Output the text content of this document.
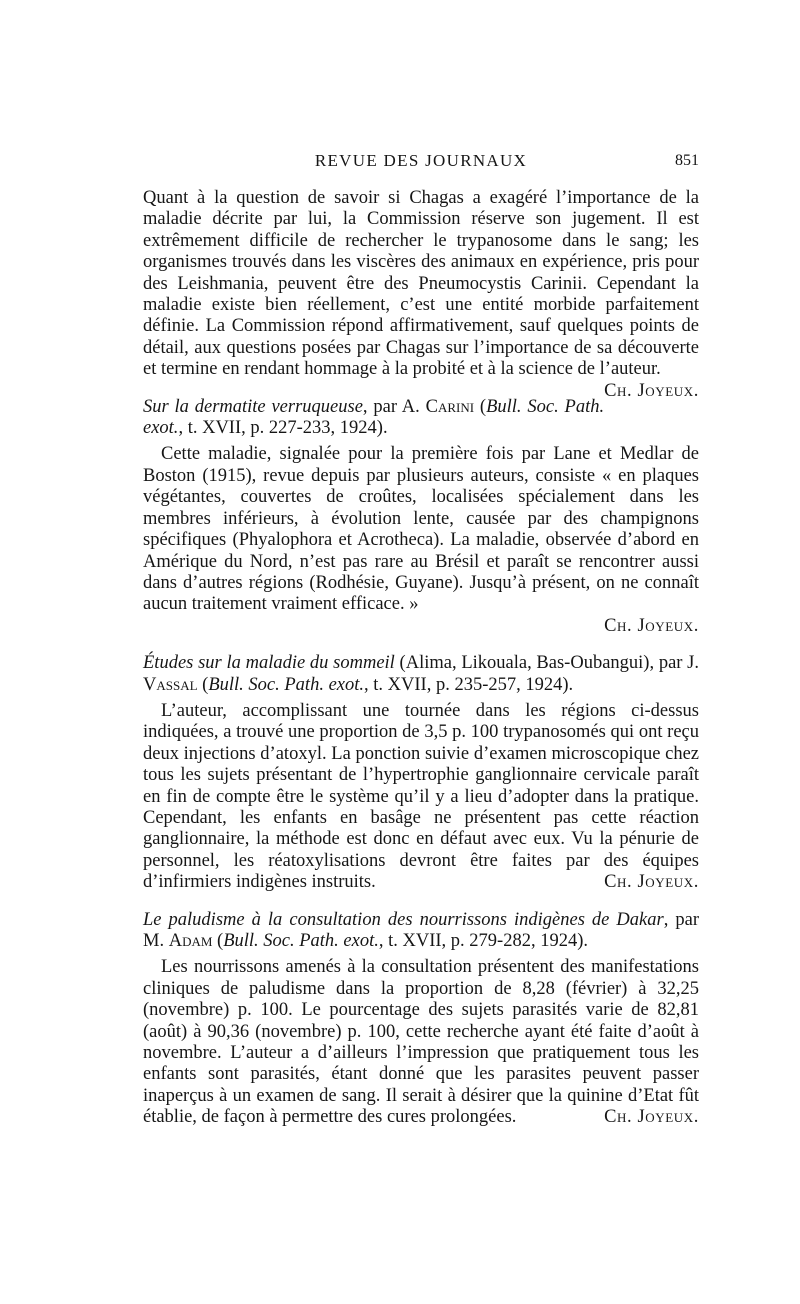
REVUE DES JOURNAUX	851

Quant à la question de savoir si Chagas a exagéré l’importance de la maladie décrite par lui, la Commission réserve son jugement. Il est extrêmement difficile de rechercher le trypanosome dans le sang; les organismes trouvés dans les viscères des animaux en expérience, pris pour des Leishmania, peuvent être des Pneumocystis Carinii. Cependant la maladie existe bien réellement, c’est une entité morbide parfaitement définie. La Commission répond affirmativement, sauf quelques points de détail, aux questions posées par Chagas sur l’importance de sa découverte et termine en rendant hommage à la probité et à la science de l’auteur.
Ch. Joyeux.

Sur la dermatite verruqueuse, par A. Carini (Bull. Soc. Path. exot., t. XVII, p. 227-233, 1924).

Cette maladie, signalée pour la première fois par Lane et Medlar de Boston (1915), revue depuis par plusieurs auteurs, consiste « en plaques végétantes, couvertes de croûtes, localisées spécialement dans les membres inférieurs, à évolution lente, causée par des champignons spécifiques (Phyalophora et Acrotheca). La maladie, observée d’abord en Amérique du Nord, n’est pas rare au Brésil et paraît se rencontrer aussi dans d’autres régions (Rodhésie, Guyane). Jusqu’à présent, on ne connaît aucun traitement vraiment efficace. »

Ch. Joyeux.

Études sur la maladie du sommeil (Alima, Likouala, Bas-Oubangui), par J. Vassal (Bull. Soc. Path. exot., t. XVII, p. 235-257, 1924).

L’auteur, accomplissant une tournée dans les régions ci-dessus indiquées, a trouvé une proportion de 3,5 p. 100 trypanosomés qui ont reçu deux injections d’atoxyl. La ponction suivie d’examen microscopique chez tous les sujets présentant de l’hypertrophie ganglionnaire cervicale paraît en fin de compte être le système qu’il y a lieu d’adopter dans la pratique. Cependant, les enfants en basâge ne présentent pas cette réaction ganglionnaire, la méthode est donc en défaut avec eux. Vu la pénurie de personnel, les réatoxylisations devront être faites par des équipes d’infirmiers indigènes instruits.	Ch. Joyeux.

Le paludisme à la consultation des nourrissons indigènes de Dakar, par M. Adam (Bull. Soc. Path. exot., t. XVII, p. 279-282, 1924).

Les nourrissons amenés à la consultation présentent des manifestations cliniques de paludisme dans la proportion de 8,28 (février) à 32,25 (novembre) p. 100. Le pourcentage des sujets parasités varie de 82,81 (août) à 90,36 (novembre) p. 100, cette recherche ayant été faite d’août à novembre. L’auteur a d’ailleurs l’impression que pratiquement tous les enfants sont parasités, étant donné que les parasites peuvent passer inaperçus à un examen de sang. Il serait à désirer que la quinine d’Etat fût établie, de façon à permettre des cures prolongées.	Ch. Joyeux.
